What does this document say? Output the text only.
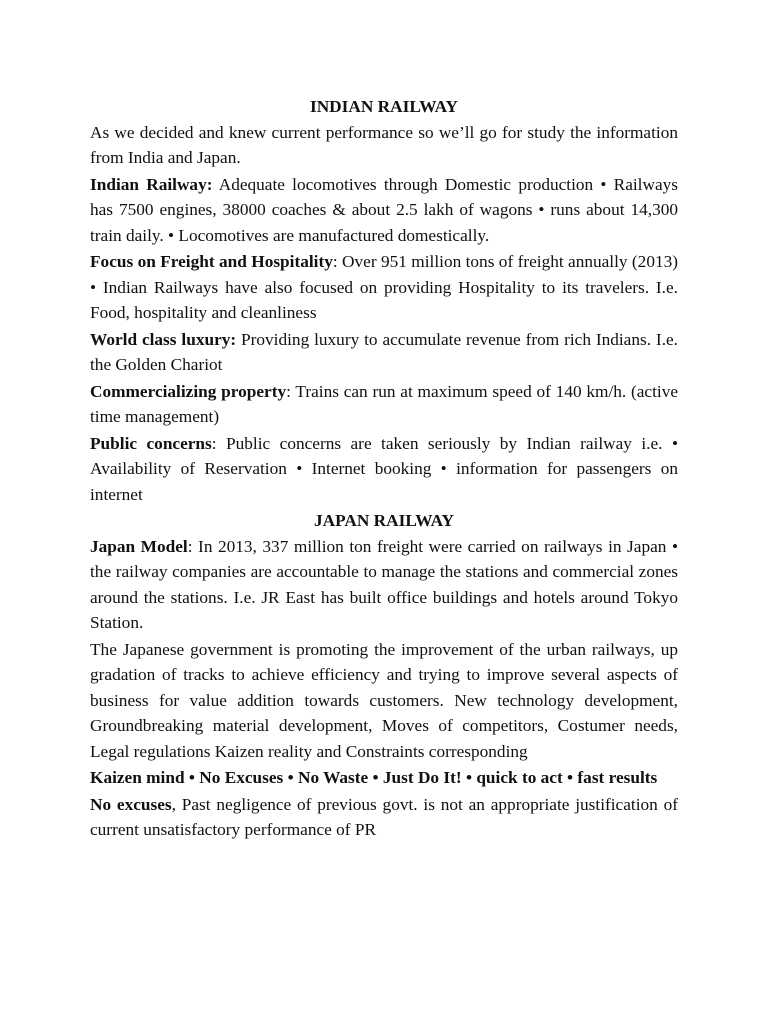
INDIAN RAILWAY

As we decided and knew current performance so we’ll go for study the information from India and Japan.

Indian Railway: Adequate locomotives through Domestic production • Railways has 7500 engines, 38000 coaches & about 2.5 lakh of wagons • runs about 14,300 train daily. • Locomotives are manufactured domestically.

Focus on Freight and Hospitality: Over 951 million tons of freight annually (2013) • Indian Railways have also focused on providing Hospitality to its travelers. I.e. Food, hospitality and cleanliness

World class luxury: Providing luxury to accumulate revenue from rich Indians. I.e. the Golden Chariot

Commercializing property: Trains can run at maximum speed of 140 km/h. (active time management)

Public concerns: Public concerns are taken seriously by Indian railway i.e. • Availability of Reservation • Internet booking • information for passengers on internet

JAPAN RAILWAY

Japan Model: In 2013, 337 million ton freight were carried on railways in Japan • the railway companies are accountable to manage the stations and commercial zones around the stations. I.e. JR East has built office buildings and hotels around Tokyo Station.

The Japanese government is promoting the improvement of the urban railways, up gradation of tracks to achieve efficiency and trying to improve several aspects of business for value addition towards customers. New technology development, Groundbreaking material development, Moves of competitors, Costumer needs, Legal regulations Kaizen reality and Constraints corresponding

Kaizen mind • No Excuses • No Waste • Just Do It! • quick to act • fast results

No excuses, Past negligence of previous govt. is not an appropriate justification of current unsatisfactory performance of PR
